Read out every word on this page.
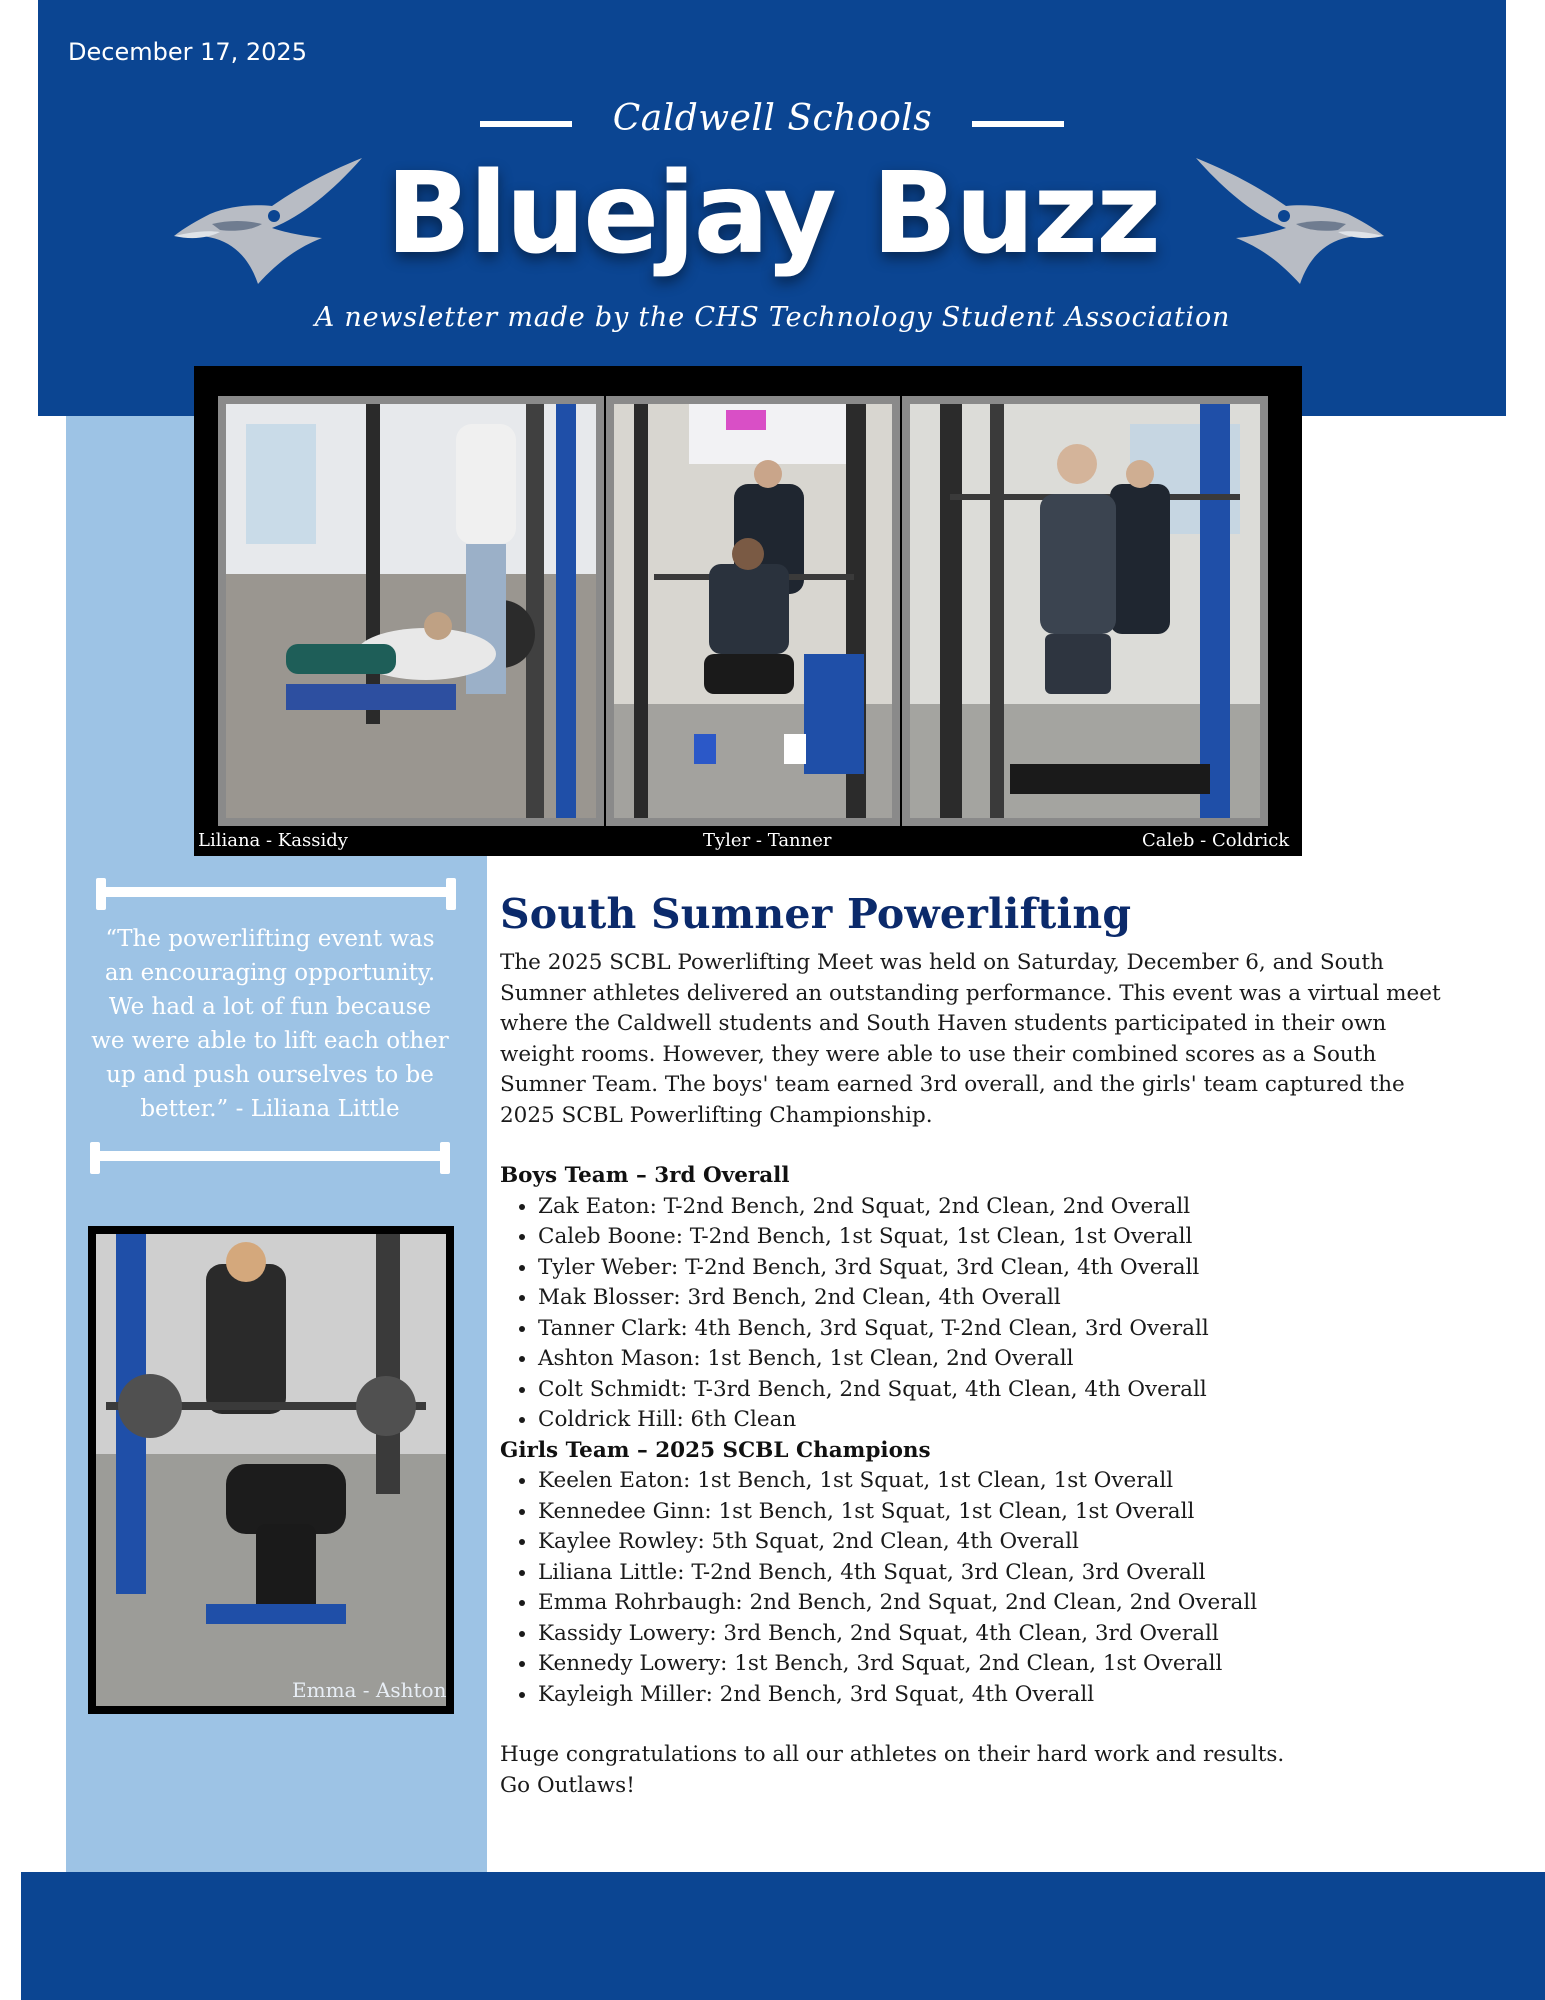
December 17, 2025
Caldwell Schools
Bluejay Buzz
A newsletter made by the CHS Technology Student Association
Liliana - Kassidy	Tyler - Tanner	Caleb - Coldrick
“The powerlifting event was an encouraging opportunity. We had a lot of fun because we were able to lift each other up and push ourselves to be better.” - Liliana Little
Emma - Ashton
South Sumner Powerlifting

The 2025 SCBL Powerlifting Meet was held on Saturday, December 6, and South Sumner athletes delivered an outstanding performance. This event was a virtual meet where the Caldwell students and South Haven students participated in their own weight rooms. However, they were able to use their combined scores as a South Sumner Team. The boys' team earned 3rd overall, and the girls' team captured the 2025 SCBL Powerlifting Championship.

Boys Team – 3rd Overall
• Zak Eaton: T-2nd Bench, 2nd Squat, 2nd Clean, 2nd Overall
• Caleb Boone: T-2nd Bench, 1st Squat, 1st Clean, 1st Overall
• Tyler Weber: T-2nd Bench, 3rd Squat, 3rd Clean, 4th Overall
• Mak Blosser: 3rd Bench, 2nd Clean, 4th Overall
• Tanner Clark: 4th Bench, 3rd Squat, T-2nd Clean, 3rd Overall
• Ashton Mason: 1st Bench, 1st Clean, 2nd Overall
• Colt Schmidt: T-3rd Bench, 2nd Squat, 4th Clean, 4th Overall
• Coldrick Hill: 6th Clean
Girls Team – 2025 SCBL Champions
• Keelen Eaton: 1st Bench, 1st Squat, 1st Clean, 1st Overall
• Kennedee Ginn: 1st Bench, 1st Squat, 1st Clean, 1st Overall
• Kaylee Rowley: 5th Squat, 2nd Clean, 4th Overall
• Liliana Little: T-2nd Bench, 4th Squat, 3rd Clean, 3rd Overall
• Emma Rohrbaugh: 2nd Bench, 2nd Squat, 2nd Clean, 2nd Overall
• Kassidy Lowery: 3rd Bench, 2nd Squat, 4th Clean, 3rd Overall
• Kennedy Lowery: 1st Bench, 3rd Squat, 2nd Clean, 1st Overall
• Kayleigh Miller: 2nd Bench, 3rd Squat, 4th Overall

Huge congratulations to all our athletes on their hard work and results.

Go Outlaws!
